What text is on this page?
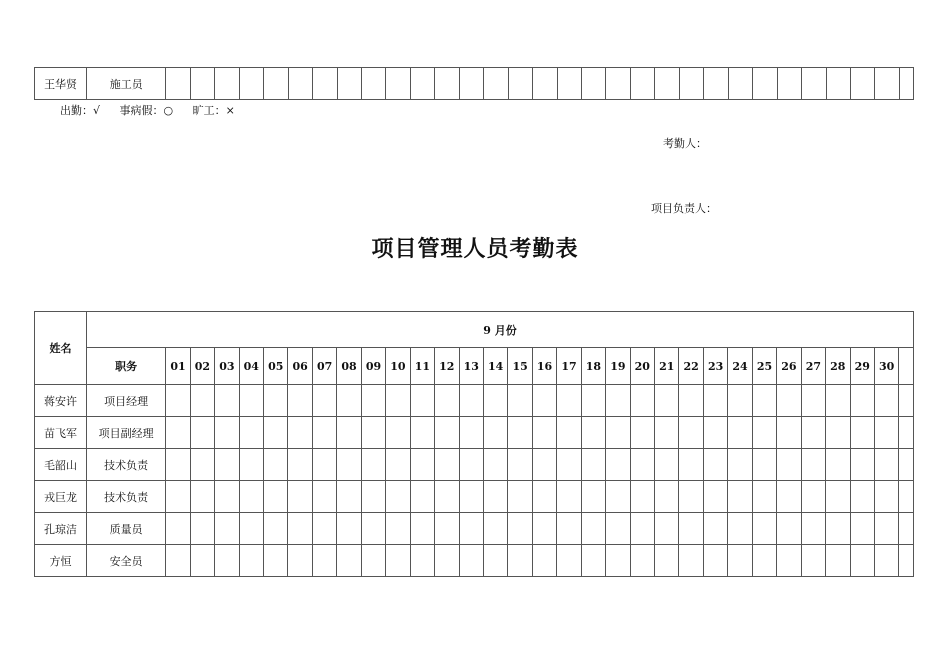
王华贤	施工员																															
出勤：√ 事病假：○ 旷工：×
考勤人：
项目负责人：
项目管理人员考勤表
姓名	9 月份																															
	职务	01	02	03	04	05	06	07	08	09	10	11	12	13	14	15	16	17	18	19	20	21	22	23	24	25	26	27	28	29	30	
蒋安许	项目经理																															
苗飞军	项目副经理																															
毛韶山	技术负责																															
戎巨龙	技术负责																															
孔琼洁	质量员																															
方恒	安全员																															
